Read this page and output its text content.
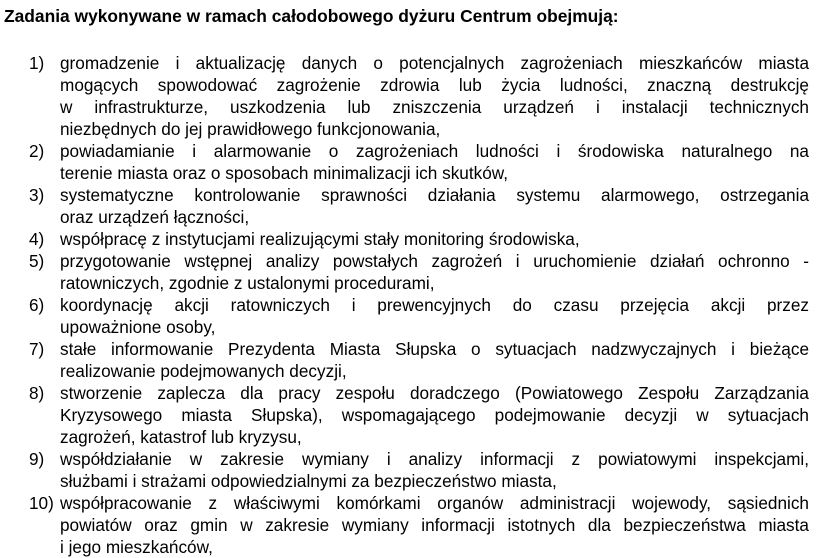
Zadania wykonywane w ramach całodobowego dyżuru Centrum obejmują:
1) gromadzenie i aktualizację danych o potencjalnych zagrożeniach mieszkańców miasta
mogących spowodować zagrożenie zdrowia lub życia ludności, znaczną destrukcję
w infrastrukturze, uszkodzenia lub zniszczenia urządzeń i instalacji technicznych
niezbędnych do jej prawidłowego funkcjonowania,
2) powiadamianie i alarmowanie o zagrożeniach ludności i środowiska naturalnego na
terenie miasta oraz o sposobach minimalizacji ich skutków,
3) systematyczne kontrolowanie sprawności działania systemu alarmowego, ostrzegania
oraz urządzeń łączności,
4) współpracę z instytucjami realizującymi stały monitoring środowiska,
5) przygotowanie wstępnej analizy powstałych zagrożeń i uruchomienie działań ochronno -
ratowniczych, zgodnie z ustalonymi procedurami,
6) koordynację akcji ratowniczych i prewencyjnych do czasu przejęcia akcji przez
upoważnione osoby,
7) stałe informowanie Prezydenta Miasta Słupska o sytuacjach nadzwyczajnych i bieżące
realizowanie podejmowanych decyzji,
8) stworzenie zaplecza dla pracy zespołu doradczego (Powiatowego Zespołu Zarządzania
Kryzysowego miasta Słupska), wspomagającego podejmowanie decyzji w sytuacjach
zagrożeń, katastrof lub kryzysu,
9) współdziałanie w zakresie wymiany i analizy informacji z powiatowymi inspekcjami,
służbami i strażami odpowiedzialnymi za bezpieczeństwo miasta,
10) współpracowanie z właściwymi komórkami organów administracji wojewody, sąsiednich
powiatów oraz gmin w zakresie wymiany informacji istotnych dla bezpieczeństwa miasta
i jego mieszkańców,
